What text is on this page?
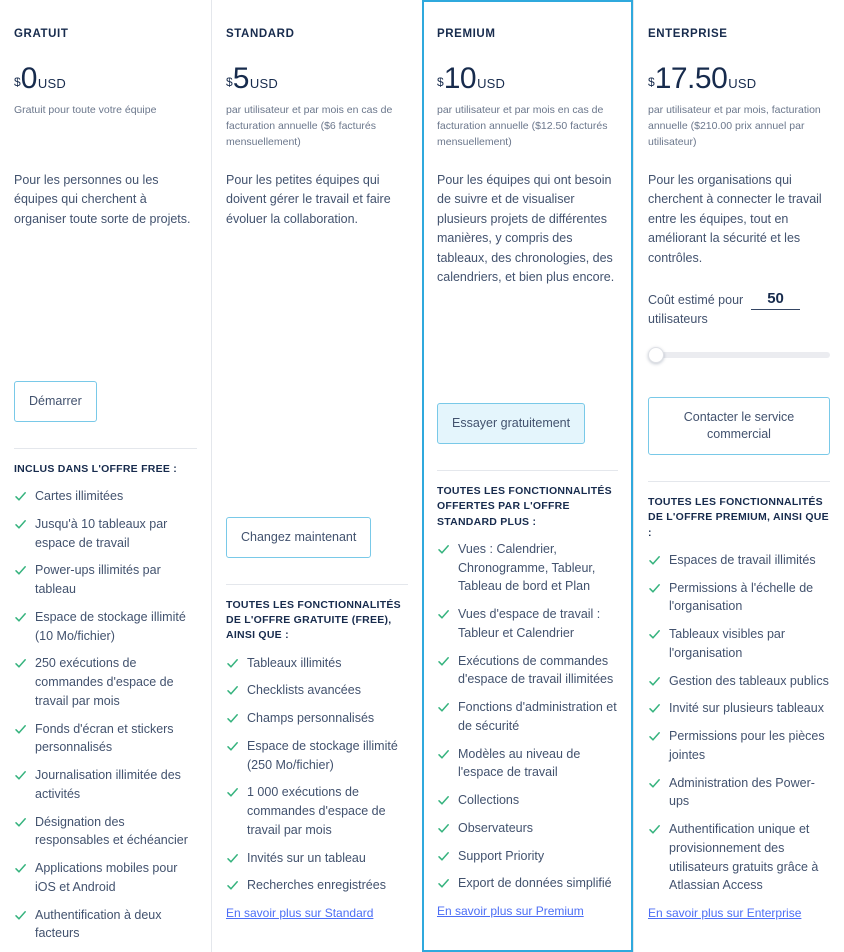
GRATUIT
$ 0 USD
Gratuit pour toute votre équipe
Pour les personnes ou les équipes qui cherchent à organiser toute sorte de projets.
Démarrer
INCLUS DANS L'OFFRE FREE :
Cartes illimitées
Jusqu'à 10 tableaux par espace de travail
Power-ups illimités par tableau
Espace de stockage illimité (10 Mo/fichier)
250 exécutions de commandes d'espace de travail par mois
Fonds d'écran et stickers personnalisés
Journalisation illimitée des activités
Désignation des responsables et échéancier
Applications mobiles pour iOS et Android
Authentification à deux facteurs
STANDARD
$ 5 USD
par utilisateur et par mois en cas de facturation annuelle ($6 facturés mensuellement)
Pour les petites équipes qui doivent gérer le travail et faire évoluer la collaboration.
Changez maintenant
TOUTES LES FONCTIONNALITÉS DE L'OFFRE GRATUITE (FREE), AINSI QUE :
Tableaux illimités
Checklists avancées
Champs personnalisés
Espace de stockage illimité (250 Mo/fichier)
1 000 exécutions de commandes d'espace de travail par mois
Invités sur un tableau
Recherches enregistrées
En savoir plus sur Standard
PREMIUM
$ 10 USD
par utilisateur et par mois en cas de facturation annuelle ($12.50 facturés mensuellement)
Pour les équipes qui ont besoin de suivre et de visualiser plusieurs projets de différentes manières, y compris des tableaux, des chronologies, des calendriers, et bien plus encore.
Essayer gratuitement
TOUTES LES FONCTIONNALITÉS OFFERTES PAR L'OFFRE STANDARD PLUS :
Vues : Calendrier, Chronogramme, Tableur, Tableau de bord et Plan
Vues d'espace de travail : Tableur et Calendrier
Exécutions de commandes d'espace de travail illimitées
Fonctions d'administration et de sécurité
Modèles au niveau de l'espace de travail
Collections
Observateurs
Support Priority
Export de données simplifié
En savoir plus sur Premium
ENTERPRISE
$ 17.50 USD
par utilisateur et par mois, facturation annuelle ($210.00 prix annuel par utilisateur)
Pour les organisations qui cherchent à connecter le travail entre les équipes, tout en améliorant la sécurité et les contrôles.
Coût estimé pour	50
utilisateurs
Contacter le service commercial
TOUTES LES FONCTIONNALITÉS DE L'OFFRE PREMIUM, AINSI QUE :
Espaces de travail illimités
Permissions à l'échelle de l'organisation
Tableaux visibles par l'organisation
Gestion des tableaux publics
Invité sur plusieurs tableaux
Permissions pour les pièces jointes
Administration des Power-ups
Authentification unique et provisionnement des utilisateurs gratuits grâce à Atlassian Access
En savoir plus sur Enterprise
